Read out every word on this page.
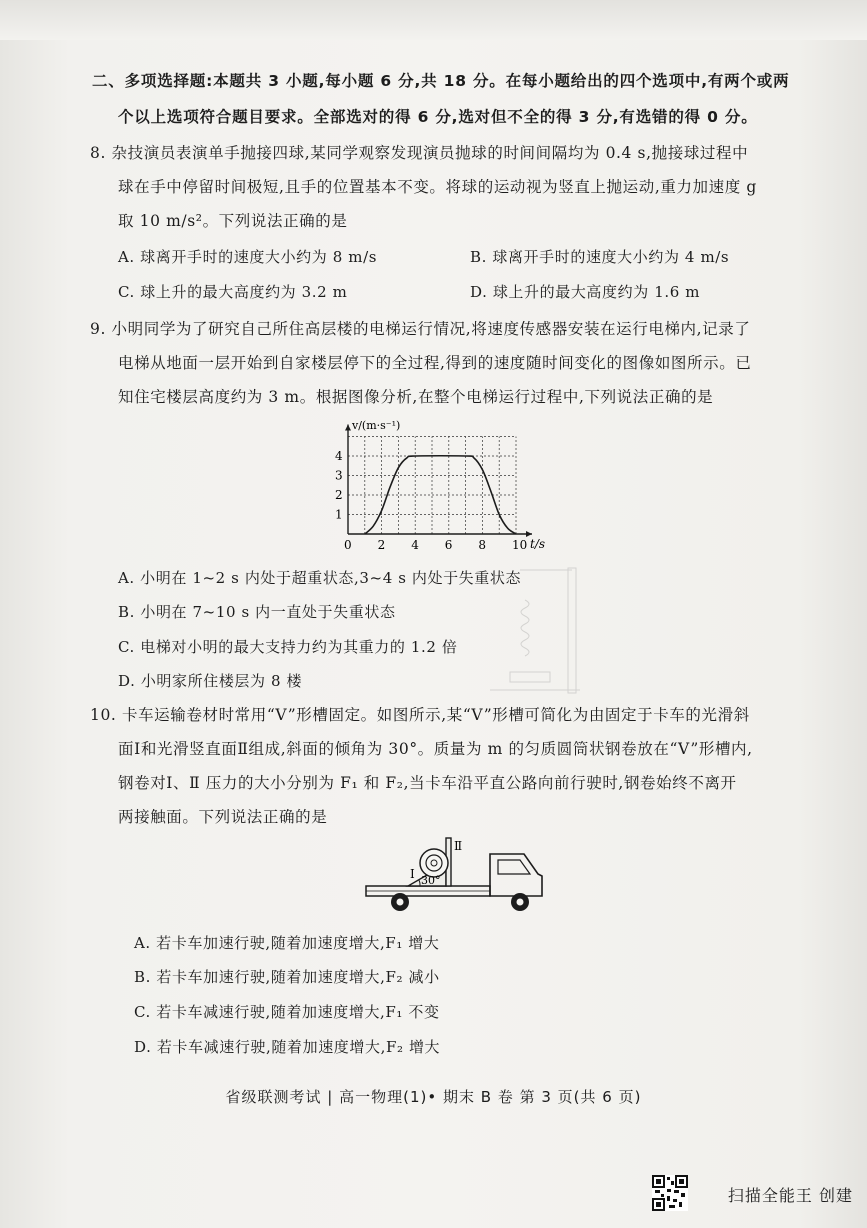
二、多项选择题:本题共 3 小题,每小题 6 分,共 18 分。在每小题给出的四个选项中,有两个或两
个以上选项符合题目要求。全部选对的得 6 分,选对但不全的得 3 分,有选错的得 0 分。
8. 杂技演员表演单手抛接四球,某同学观察发现演员抛球的时间间隔均为 0.4 s,抛接球过程中
球在手中停留时间极短,且手的位置基本不变。将球的运动视为竖直上抛运动,重力加速度 g
取 10 m/s²。下列说法正确的是
A. 球离开手时的速度大小约为 8 m/s	B. 球离开手时的速度大小约为 4 m/s
C. 球上升的最大高度约为 3.2 m	D. 球上升的最大高度约为 1.6 m
9. 小明同学为了研究自己所住高层楼的电梯运行情况,将速度传感器安装在运行电梯内,记录了
电梯从地面一层开始到自家楼层停下的全过程,得到的速度随时间变化的图像如图所示。已
知住宅楼层高度约为 3 m。根据图像分析,在整个电梯运行过程中,下列说法正确的是
0 2 4 6 8 10
1
2
3
4
v/(m·s⁻¹)
t/s
A. 小明在 1~2 s 内处于超重状态,3~4 s 内处于失重状态
B. 小明在 7~10 s 内一直处于失重状态
C. 电梯对小明的最大支持力约为其重力的 1.2 倍
D. 小明家所住楼层为 8 楼
10. 卡车运输卷材时常用“V”形槽固定。如图所示,某“V”形槽可简化为由固定于卡车的光滑斜
面Ⅰ和光滑竖直面Ⅱ组成,斜面的倾角为 30°。质量为 m 的匀质圆筒状钢卷放在“V”形槽内,
钢卷对Ⅰ、Ⅱ 压力的大小分别为 F₁ 和 F₂,当卡车沿平直公路向前行驶时,钢卷始终不离开
两接触面。下列说法正确的是
Ⅰ
Ⅱ
30°
A. 若卡车加速行驶,随着加速度增大,F₁ 增大
B. 若卡车加速行驶,随着加速度增大,F₂ 减小
C. 若卡车减速行驶,随着加速度增大,F₁ 不变
D. 若卡车减速行驶,随着加速度增大,F₂ 增大
省级联测考试 | 高一物理(1)• 期末 B 卷 第 3 页(共 6 页)
扫描全能王 创建
